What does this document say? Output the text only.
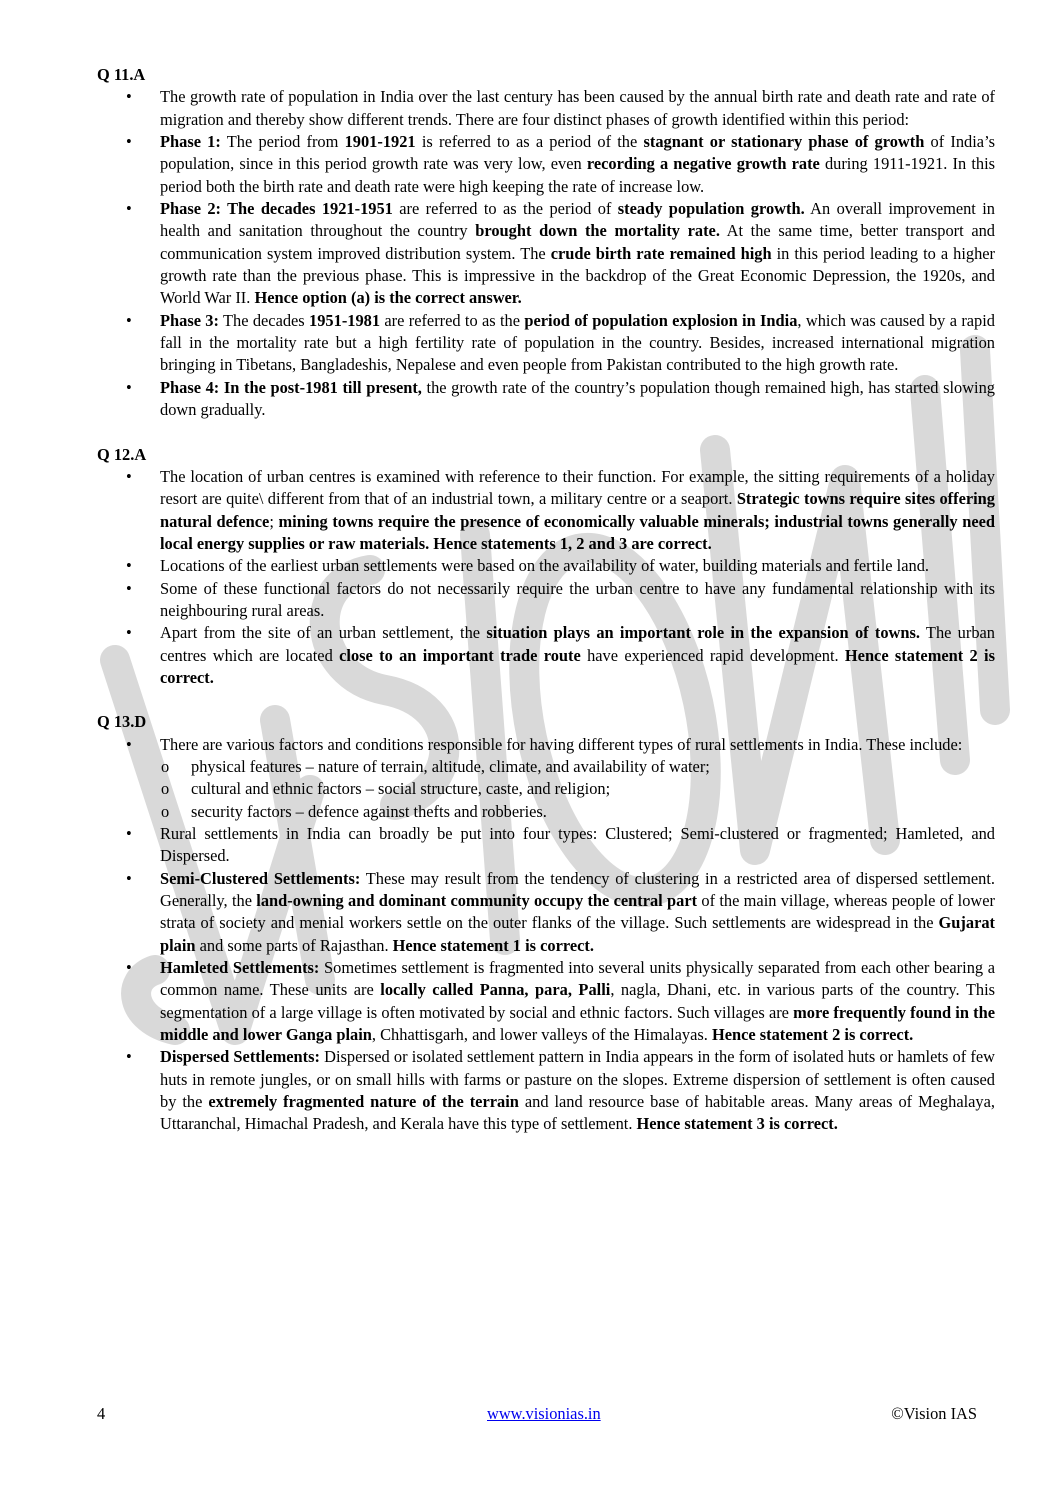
Q 11.A
• The growth rate of population in India over the last century has been caused by the annual birth rate and death rate and rate of migration and thereby show different trends. There are four distinct phases of growth identified within this period:
• Phase 1: The period from 1901-1921 is referred to as a period of the stagnant or stationary phase of growth of India’s population, since in this period growth rate was very low, even recording a negative growth rate during 1911-1921. In this period both the birth rate and death rate were high keeping the rate of increase low.
• Phase 2: The decades 1921-1951 are referred to as the period of steady population growth. An overall improvement in health and sanitation throughout the country brought down the mortality rate. At the same time, better transport and communication system improved distribution system. The crude birth rate remained high in this period leading to a higher growth rate than the previous phase. This is impressive in the backdrop of the Great Economic Depression, the 1920s, and World War II. Hence option (a) is the correct answer.
• Phase 3: The decades 1951-1981 are referred to as the period of population explosion in India, which was caused by a rapid fall in the mortality rate but a high fertility rate of population in the country. Besides, increased international migration bringing in Tibetans, Bangladeshis, Nepalese and even people from Pakistan contributed to the high growth rate.
• Phase 4: In the post-1981 till present, the growth rate of the country’s population though remained high, has started slowing down gradually.
Q 12.A
• The location of urban centres is examined with reference to their function. For example, the sitting requirements of a holiday resort are quite\ different from that of an industrial town, a military centre or a seaport. Strategic towns require sites offering natural defence; mining towns require the presence of economically valuable minerals; industrial towns generally need local energy supplies or raw materials. Hence statements 1, 2 and 3 are correct.
• Locations of the earliest urban settlements were based on the availability of water, building materials and fertile land.
• Some of these functional factors do not necessarily require the urban centre to have any fundamental relationship with its neighbouring rural areas.
• Apart from the site of an urban settlement, the situation plays an important role in the expansion of towns. The urban centres which are located close to an important trade route have experienced rapid development. Hence statement 2 is correct.
Q 13.D
• There are various factors and conditions responsible for having different types of rural settlements in India. These include:
o physical features – nature of terrain, altitude, climate, and availability of water;
o cultural and ethnic factors – social structure, caste, and religion;
o security factors – defence against thefts and robberies.
• Rural settlements in India can broadly be put into four types: Clustered; Semi-clustered or fragmented; Hamleted, and Dispersed.
• Semi-Clustered Settlements: These may result from the tendency of clustering in a restricted area of dispersed settlement. Generally, the land-owning and dominant community occupy the central part of the main village, whereas people of lower strata of society and menial workers settle on the outer flanks of the village. Such settlements are widespread in the Gujarat plain and some parts of Rajasthan. Hence statement 1 is correct.
• Hamleted Settlements: Sometimes settlement is fragmented into several units physically separated from each other bearing a common name. These units are locally called Panna, para, Palli, nagla, Dhani, etc. in various parts of the country. This segmentation of a large village is often motivated by social and ethnic factors. Such villages are more frequently found in the middle and lower Ganga plain, Chhattisgarh, and lower valleys of the Himalayas. Hence statement 2 is correct.
• Dispersed Settlements: Dispersed or isolated settlement pattern in India appears in the form of isolated huts or hamlets of few huts in remote jungles, or on small hills with farms or pasture on the slopes. Extreme dispersion of settlement is often caused by the extremely fragmented nature of the terrain and land resource base of habitable areas. Many areas of Meghalaya, Uttaranchal, Himachal Pradesh, and Kerala have this type of settlement. Hence statement 3 is correct.
4	www.visionias.in	©Vision IAS
